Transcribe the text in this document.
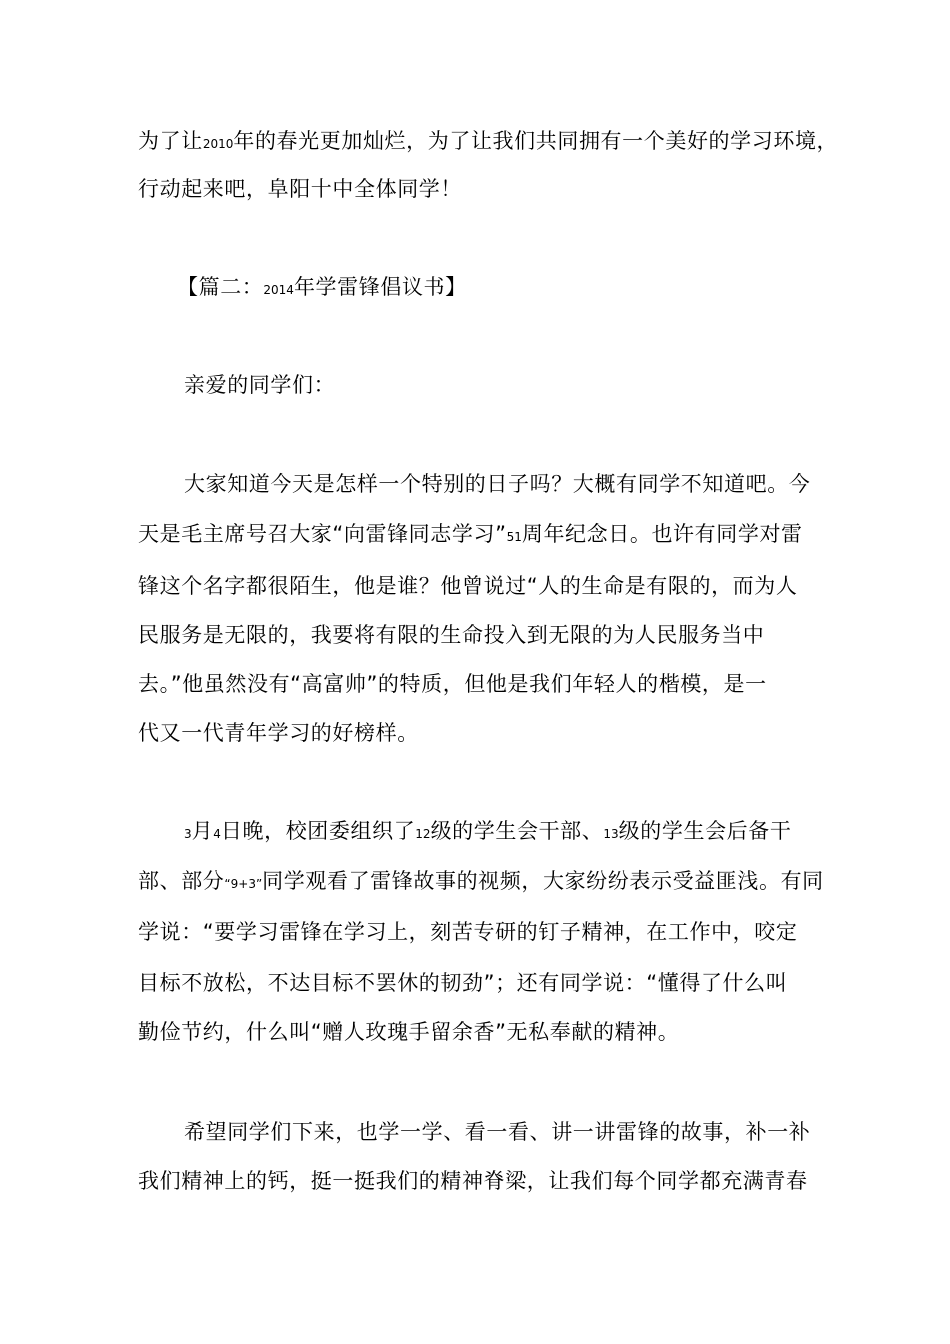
为了让2010年的春光更加灿烂，为了让我们共同拥有一个美好的学习环境，
行动起来吧，阜阳十中全体同学！
【篇二：2014年学雷锋倡议书】
亲爱的同学们：
大家知道今天是怎样一个特别的日子吗？大概有同学不知道吧。今
天是毛主席号召大家“向雷锋同志学习”51周年纪念日。也许有同学对雷
锋这个名字都很陌生，他是谁？他曾说过“人的生命是有限的，而为人
民服务是无限的，我要将有限的生命投入到无限的为人民服务当中
去。”他虽然没有“高富帅”的特质，但他是我们年轻人的楷模，是一
代又一代青年学习的好榜样。
3月4日晚，校团委组织了12级的学生会干部、13级的学生会后备干
部、部分“9+3”同学观看了雷锋故事的视频，大家纷纷表示受益匪浅。有同
学说：“要学习雷锋在学习上，刻苦专研的钉子精神，在工作中，咬定
目标不放松，不达目标不罢休的韧劲”；还有同学说：“懂得了什么叫
勤俭节约，什么叫“赠人玫瑰手留余香”无私奉献的精神。
希望同学们下来，也学一学、看一看、讲一讲雷锋的故事，补一补
我们精神上的钙，挺一挺我们的精神脊梁，让我们每个同学都充满青春
